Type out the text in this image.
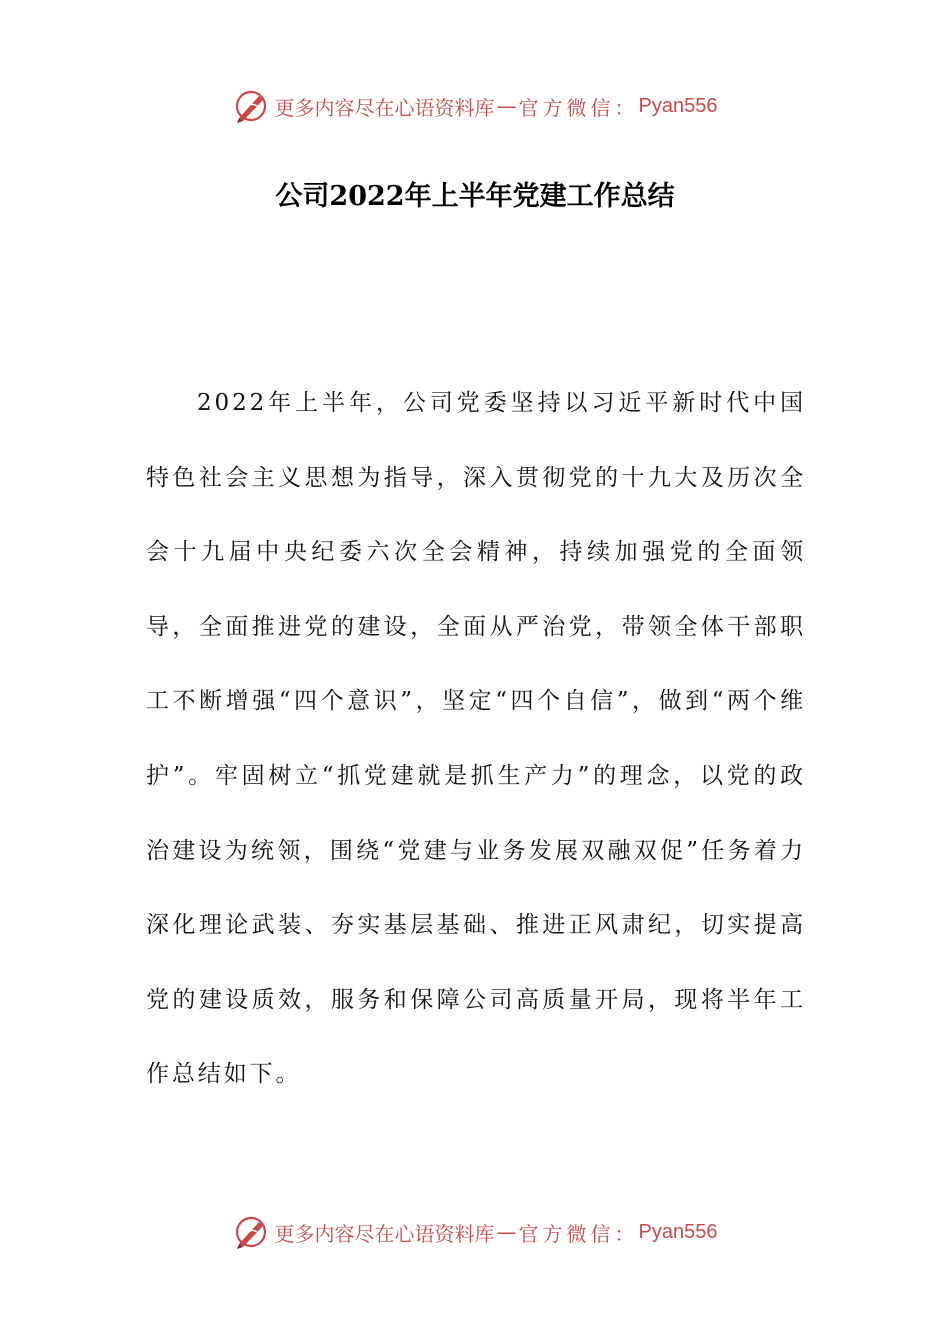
更多内容尽在心语资料库 — 官方微信： Pyan556
公司2022年上半年党建工作总结

2022年上半年，公司党委坚持以习近平新时代中国特色社会主义思想为指导，深入贯彻党的十九大及历次全会十九届中央纪委六次全会精神，持续加强党的全面领导，全面推进党的建设，全面从严治党，带领全体干部职工不断增强“四个意识”，坚定“四个自信”，做到“两个维护”。牢固树立“抓党建就是抓生产力”的理念，以党的政治建设为统领，围绕“党建与业务发展双融双促”任务着力深化理论武装、夯实基层基础、推进正风肃纪，切实提高党的建设质效，服务和保障公司高质量开局，现将半年工作总结如下。

更多内容尽在心语资料库 — 官方微信： Pyan556
